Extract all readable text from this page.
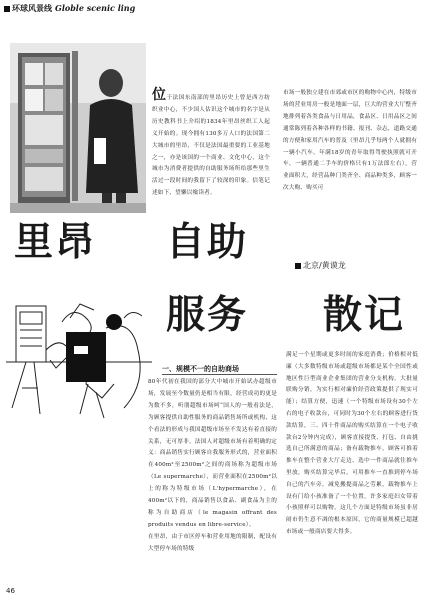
环球风景线 Globle scenic ling
位于法国东南部的里昂历史上曾是西方纺织业中心，不少国人估识这个城市的名字是从历史教科书上介绍的1834年里昂丝织工人起义开始的。现今拥有130多万人口的法国第二大城市的里昂，不仅是法国最重要的工业基地之一，亦是该国的一个商业、文化中心，这个城市为消费者提供的自助服务场所给那些里生活过一段时间的我留下了较深的印象。信笔记述如下，望懒以飨读者。
市场一般独立建在市郊或市区的购物中心内，特级市场的营业用房一般是地面一层，巨大的营业大厅整齐地排列着各类食品与日用品，食品区、日用品区之间通常陈列着各种各样的书籍、报刊、杂志，道路交通的方便和家用汽车的普及（里昂几乎每两个人就拥有一辆小汽车，年满18岁的青年取得驾驶执照就可开车，一辆普通二手车的价格只有1万法郎左右），营业面积大，经营品种门类齐全、商品种类多，顾客一次大购、购买可
里昂 自助
服务 散记
北京/黄谟龙
一、规模不一的自助商场
80年代初在我国的部分大中城市开始试办超级市场，发展至今数量仍是相当有限，经营成功的更是为数不多，听朋超级市场呵“国人的一般看法是，为顾客提供自助性服务的商品销售场所或机构，这个看法的形成与我国超级市场至不发达有着直接的关系，无可厚非，法国人对超级市场有着明确的定义：商品销售实行顾客自我服务形式的，营业面积在400m²至2500m²之间的商场称为超级市场（Le supermarche），而营业面积在2500m²以上的称为特级市场（L'hypermarche），在400m²以下的，商品销售以食品、副食品为主的称为自助商店（le magasin offrant des produits vendus en libre-service）。
在里昂，由于市区停车和营业用地的限制，配设有大型停车场的特级
满足一个星期或更多时间的家庭消费；价格相对低廉（大多数特级市场或超级市场都是某个全国性或地区性巨型商业企业集团的营业分支机构，大批量联购分销，为实行相对廉价经营政策提供了现实可能）；结算方便，迅速（一个特级市场设有30个左右的电子收款台，可同时为30个左右的顾客进行货款结算，三、四十件商品的购买结算在一个电子收款台2分钟内完成），顾客直接提货、打包、自由挑选自己所满意的商品；备有载物推车，顾客可推着推车在整个营业大厅走边、选中一件商品就往推车里放，购买结算完毕后，可用推车一直推到停车场自己的汽车旁，减免搬提商品之劳累，载物推车上设有门给小孩准备了一个位置，许多家庭妇女带着小孩照样可以购物，这几个方面是特级市场虽非居闹市仍生意不凋的根本原因，它的商量规模已超越市场或一般商店要大得多。
46
